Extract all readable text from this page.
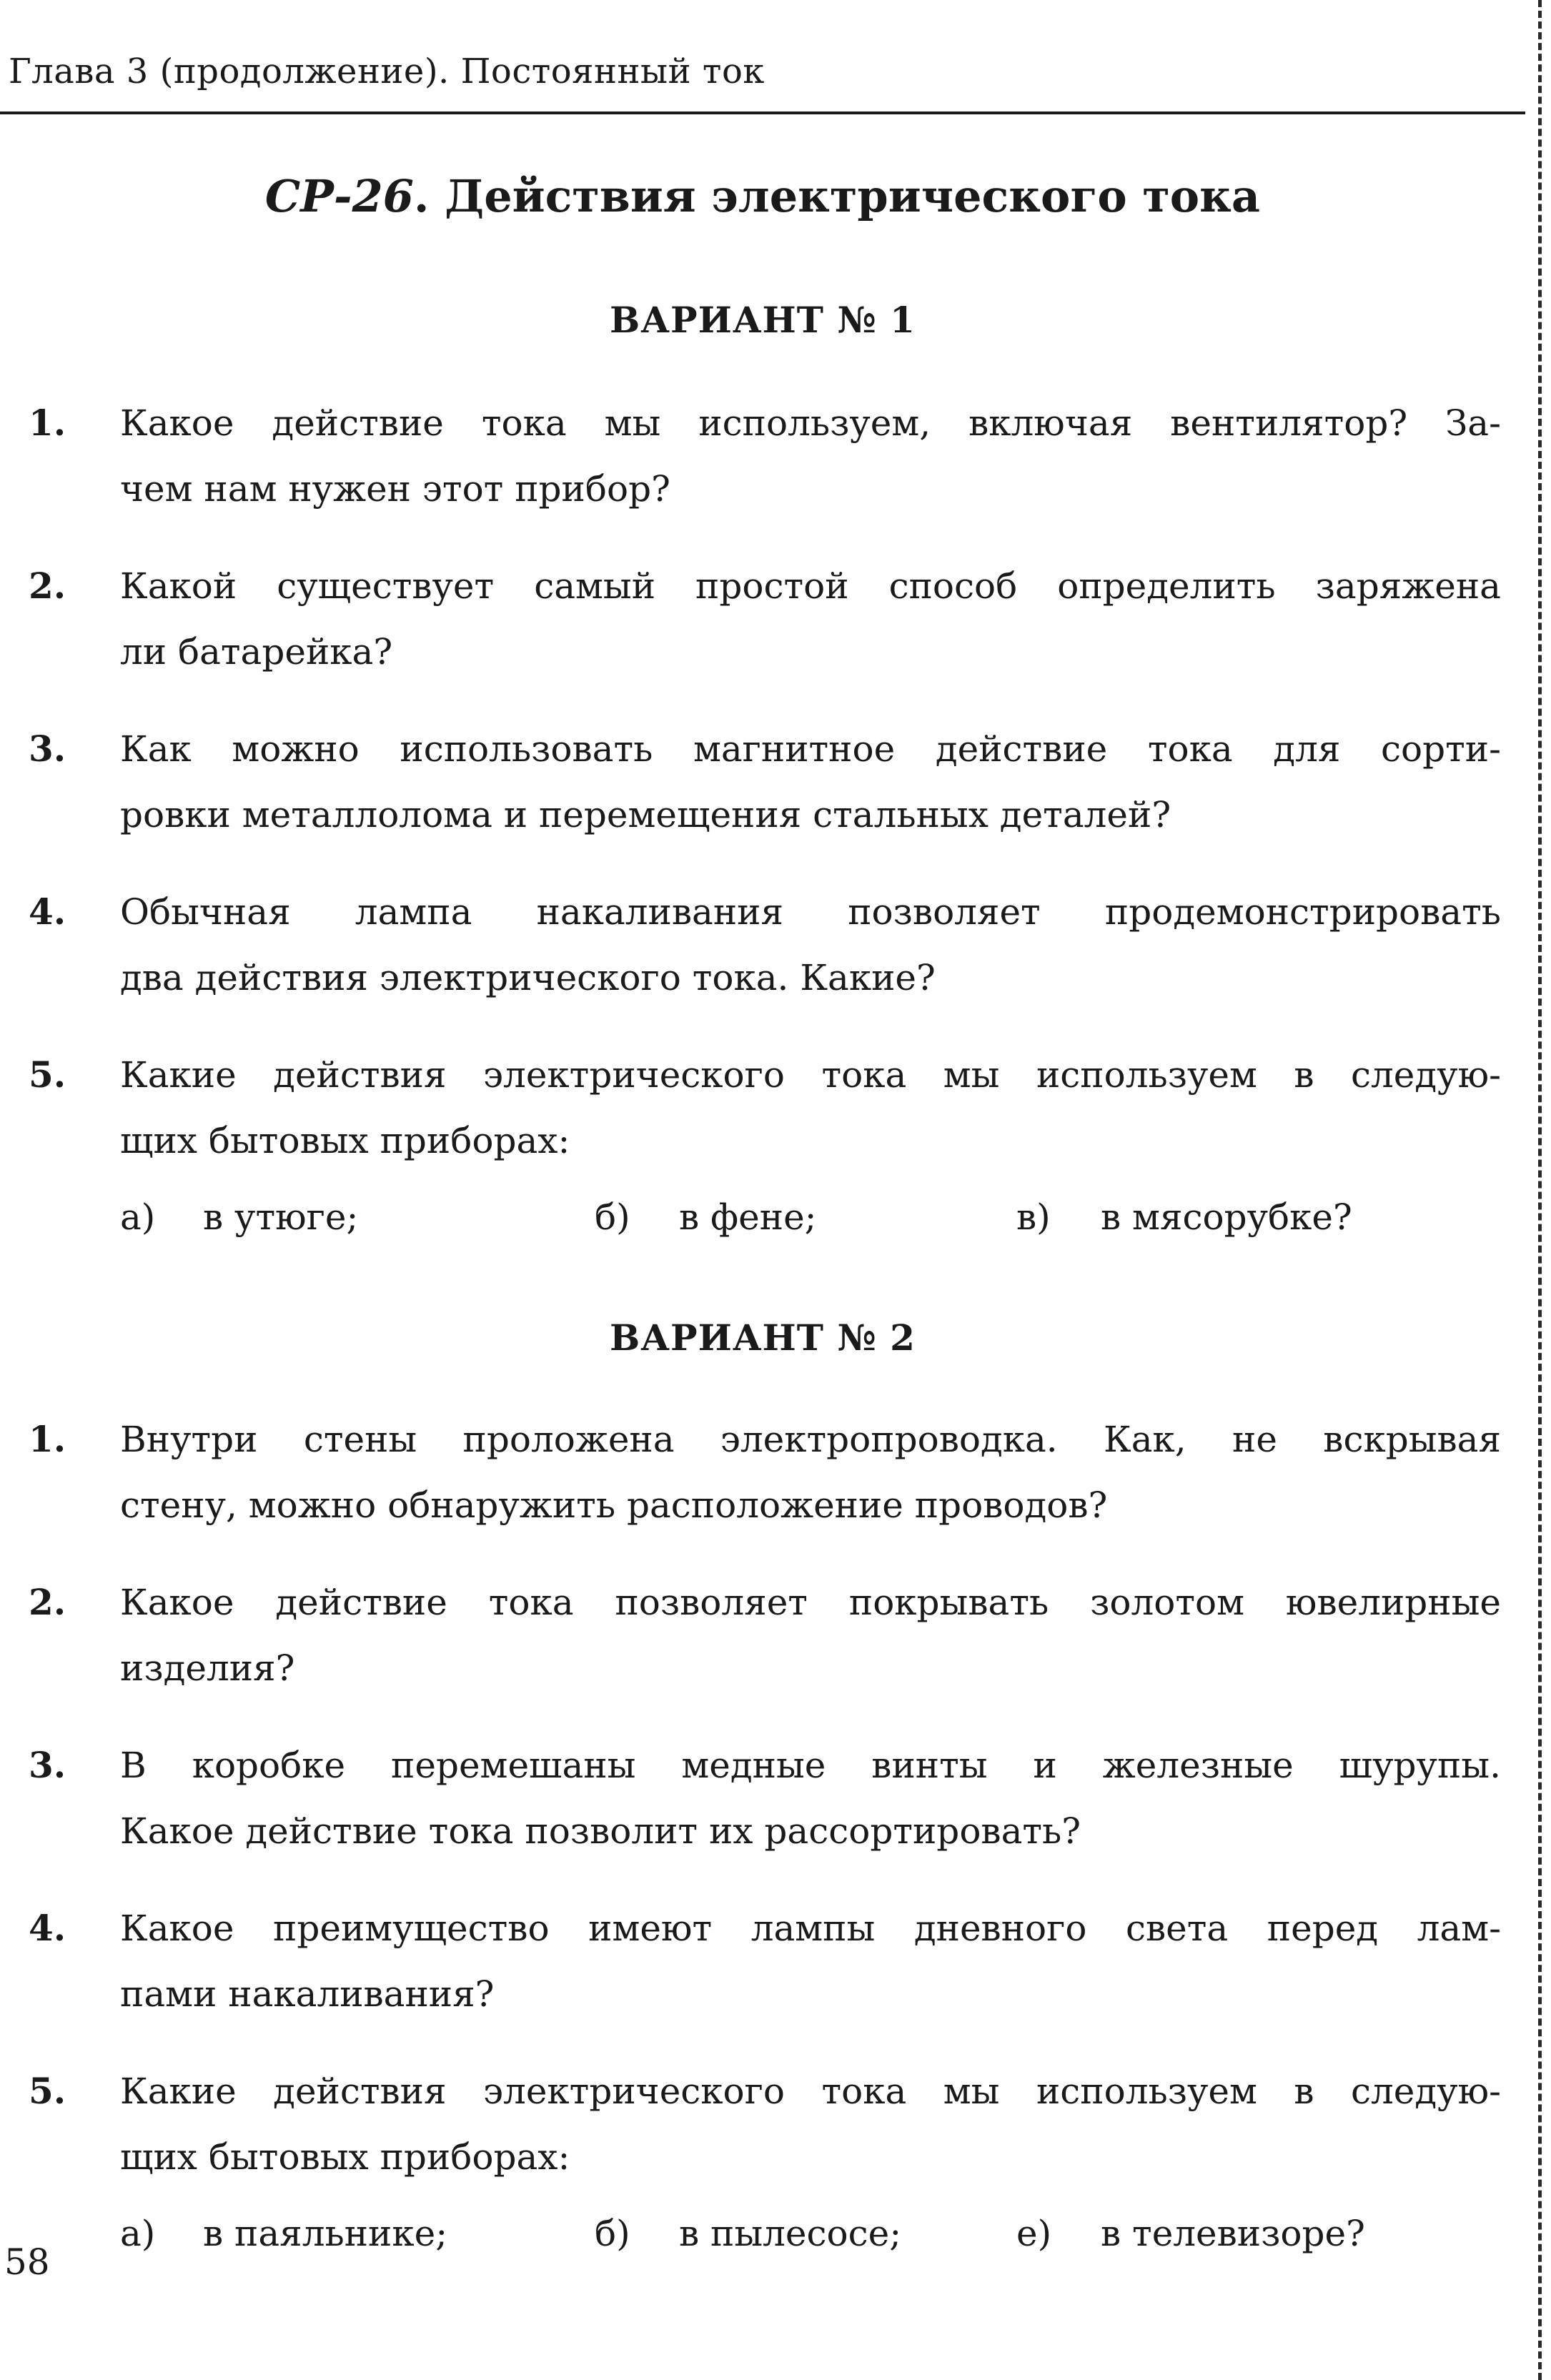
Глава 3 (продолжение). Постоянный ток
СР-26. Действия электрического тока
ВАРИАНТ № 1
1. Какое действие тока мы используем, включая вентилятор? За-
чем нам нужен этот прибор?
2. Какой существует самый простой способ определить заряжена
ли батарейка?
3. Как можно использовать магнитное действие тока для сорти-
ровки металлолома и перемещения стальных деталей?
4. Обычная лампа накаливания позволяет продемонстрировать
два действия электрического тока. Какие?
5. Какие действия электрического тока мы используем в следую-
щих бытовых приборах:
а) в утюге;	б) в фене;	в) в мясорубке?
ВАРИАНТ № 2
1. Внутри стены проложена электропроводка. Как, не вскрывая
стену, можно обнаружить расположение проводов?
2. Какое действие тока позволяет покрывать золотом ювелирные
изделия?
3. В коробке перемешаны медные винты и железные шурупы.
Какое действие тока позволит их рассортировать?
4. Какое преимущество имеют лампы дневного света перед лам-
пами накаливания?
5. Какие действия электрического тока мы используем в следую-
щих бытовых приборах:
а) в паяльнике;	б) в пылесосе;	е) в телевизоре?
58
